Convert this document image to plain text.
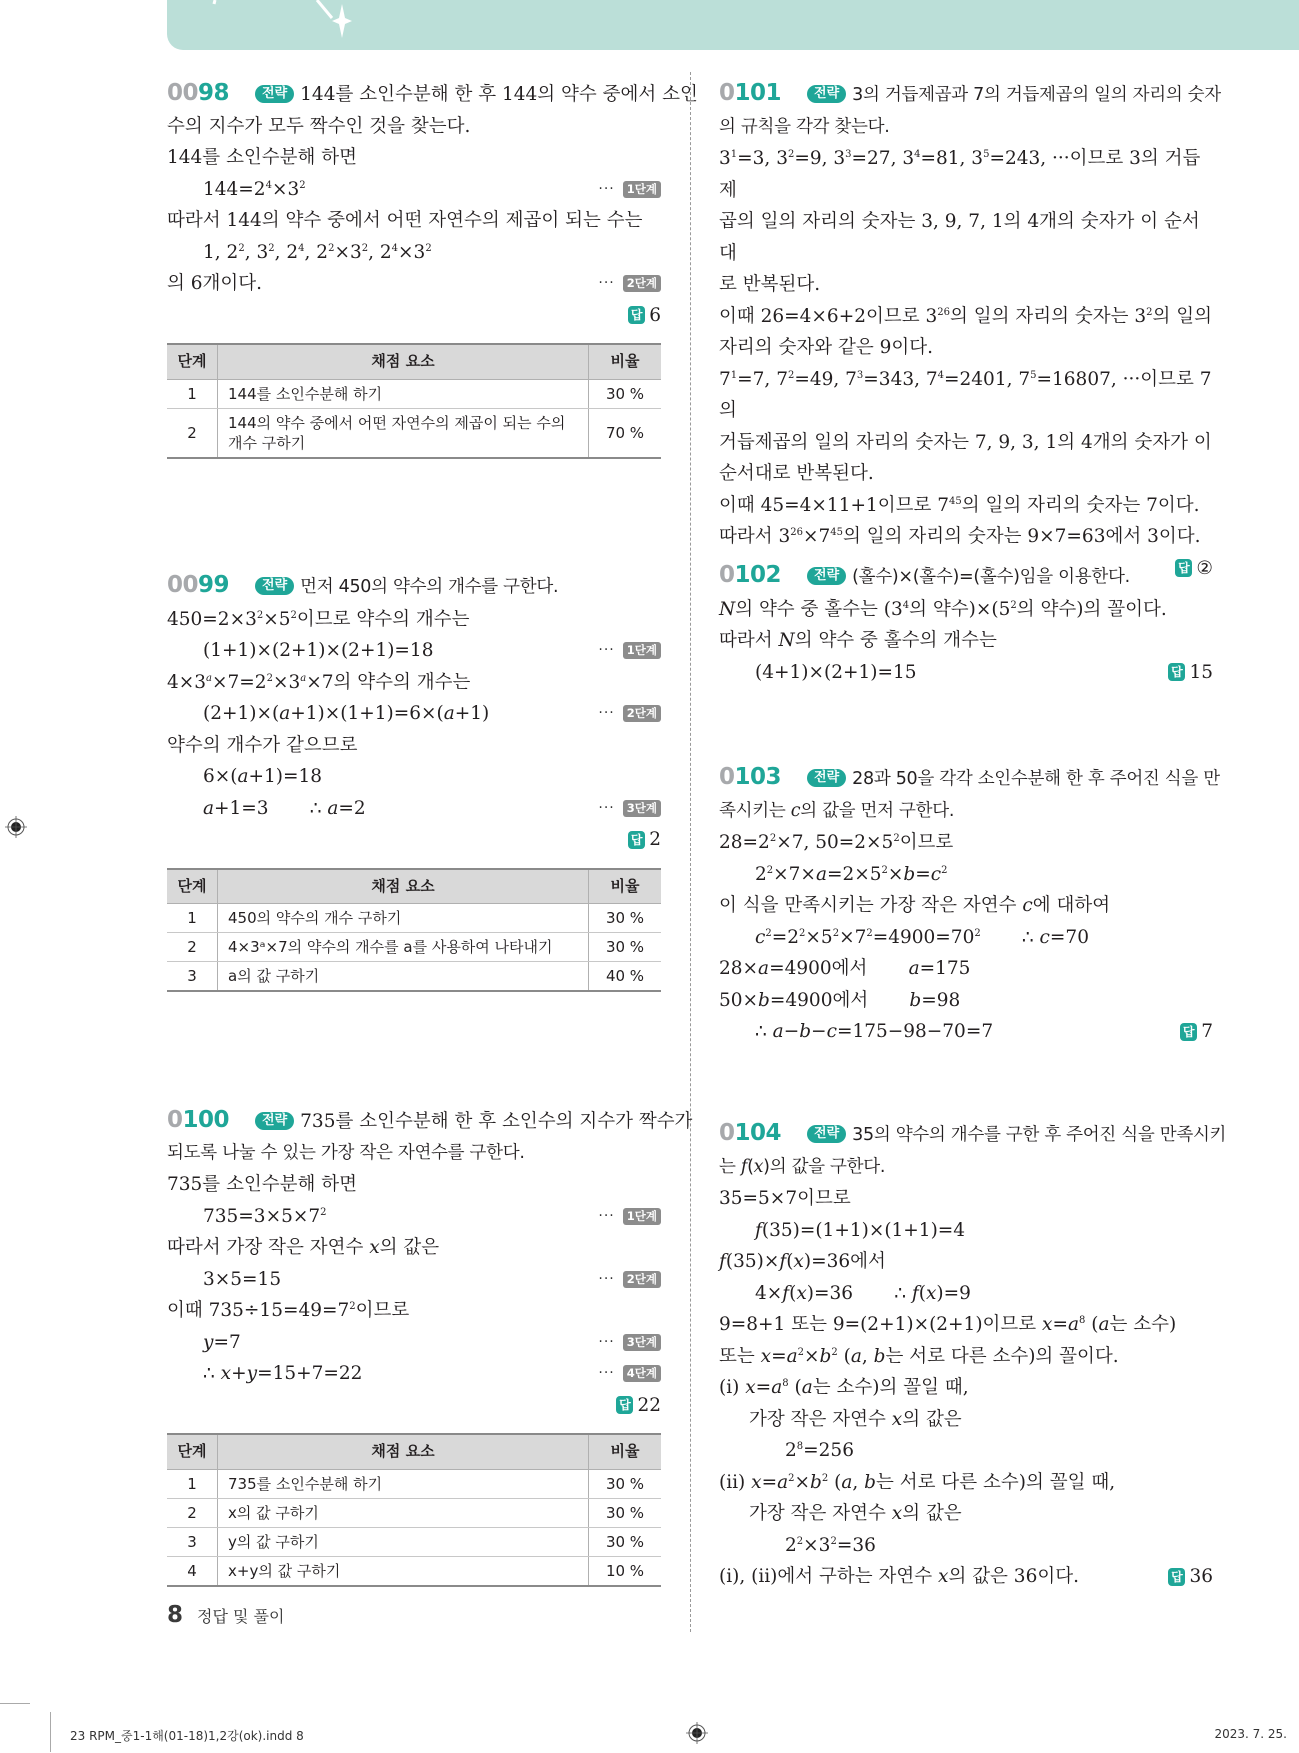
0098	전략 144를 소인수분해 한 후 144의 약수 중에서 소인
수의 지수가 모두 짝수인 것을 찾는다.
144를 소인수분해 하면
$144=2^4\times 3^2$	···	1단계
따라서 144의 약수 중에서 어떤 자연수의 제곱이 되는 수는
1, $2^2$, $3^2$, $2^4$, $2^2\times 3^2$, $2^4\times 3^2$
의 6개이다.	···	2단계
답 6
단계	채점 요소	비율
1	144를 소인수분해 하기	30 %
2	144의 약수 중에서 어떤 자연수의 제곱이 되는 수의
개수 구하기	70 %
0099	전략 먼저 450의 약수의 개수를 구한다.
$450=2\times 3^2\times 5^2$이므로 약수의 개수는
(1+1)×(2+1)×(2+1)=18	···	1단계
$4\times 3^a\times 7=2^2\times 3^a\times 7$의 약수의 개수는
(2+1)×(a+1)×(1+1)=6×(a+1)	···	2단계
약수의 개수가 같으므로
6×(a+1)=18
a+1=3       ∴ a=2	···	3단계
답 2
단계	채점 요소	비율
1	450의 약수의 개수 구하기	30 %
2	4×3ᵃ×7의 약수의 개수를 a를 사용하여 나타내기	30 %
3	a의 값 구하기	40 %
0100	전략 735를 소인수분해 한 후 소인수의 지수가 짝수가
되도록 나눌 수 있는 가장 작은 자연수를 구한다.
735를 소인수분해 하면
$735=3\times 5\times 7^2$	···	1단계
따라서 가장 작은 자연수 x의 값은
3×5=15	···	2단계
이때 $735\div 15=49=7^2$이므로
y=7	···	3단계
∴ x+y=15+7=22	···	4단계
답 22
단계	채점 요소	비율
1	735를 소인수분해 하기	30 %
2	x의 값 구하기	30 %
3	y의 값 구하기	30 %
4	x+y의 값 구하기	10 %
0101	전략 3의 거듭제곱과 7의 거듭제곱의 일의 자리의 숫자
의 규칙을 각각 찾는다.
$3^1=3$, $3^2=9$, $3^3=27$, $3^4=81$, $3^5=243$, ···이므로 3의 거듭제
곱의 일의 자리의 숫자는 3, 9, 7, 1의 4개의 숫자가 이 순서대
로 반복된다.
이때 26=4×6+2이므로 $3^{26}$의 일의 자리의 숫자는 $3^2$의 일의
자리의 숫자와 같은 9이다.
$7^1=7$, $7^2=49$, $7^3=343$, $7^4=2401$, $7^5=16807$, ···이므로 7의
거듭제곱의 일의 자리의 숫자는 7, 9, 3, 1의 4개의 숫자가 이
순서대로 반복된다.
이때 45=4×11+1이므로 $7^{45}$의 일의 자리의 숫자는 7이다.
따라서 $3^{26}\times 7^{45}$의 일의 자리의 숫자는 9×7=63에서 3이다.
답 ②
0102	전략 (홀수)×(홀수)=(홀수)임을 이용한다.
N의 약수 중 홀수는 ($3^4$의 약수)$\times(5^2$의 약수)의 꼴이다.
따라서 N의 약수 중 홀수의 개수는
(4+1)×(2+1)=15	답 15
0103	전략 28과 50을 각각 소인수분해 한 후 주어진 식을 만
족시키는 c의 값을 먼저 구한다.
$28=2^2\times 7$, $50=2\times 5^2$이므로
$2^2\times 7\times a=2\times 5^2\times b=c^2$
이 식을 만족시키는 가장 작은 자연수 c에 대하여
$c^2=2^2\times 5^2\times 7^2=4900=70^2$       ∴ c=70
28×a=4900에서 a=175
50×b=4900에서 b=98
∴ a−b−c=175−98−70=7	답 7
0104	전략 35의 약수의 개수를 구한 후 주어진 식을 만족시키
는 f(x)의 값을 구한다.
35=5×7이므로
f(35)=(1+1)×(1+1)=4
f(35)×f(x)=36에서
4×f(x)=36       ∴ f(x)=9
9=8+1 또는 9=(2+1)×(2+1)이므로 $x=a^8$ (a는 소수)
또는 $x=a^2\times b^2$ (a, b는 서로 다른 소수)의 꼴이다.
(ⅰ) $x=a^8$ (a는 소수)의 꼴일 때,
가장 작은 자연수 x의 값은
$2^8=256$
(ⅱ) $x=a^2\times b^2$ (a, b는 서로 다른 소수)의 꼴일 때,
가장 작은 자연수 x의 값은
$2^2\times 3^2=36$
(ⅰ), (ⅱ)에서 구하는 자연수 x의 값은 36이다.	답 36
8 정답 및 풀이
23 RPM_중1-1해(01-18)1,2강(ok).indd 8	2023. 7. 25.
